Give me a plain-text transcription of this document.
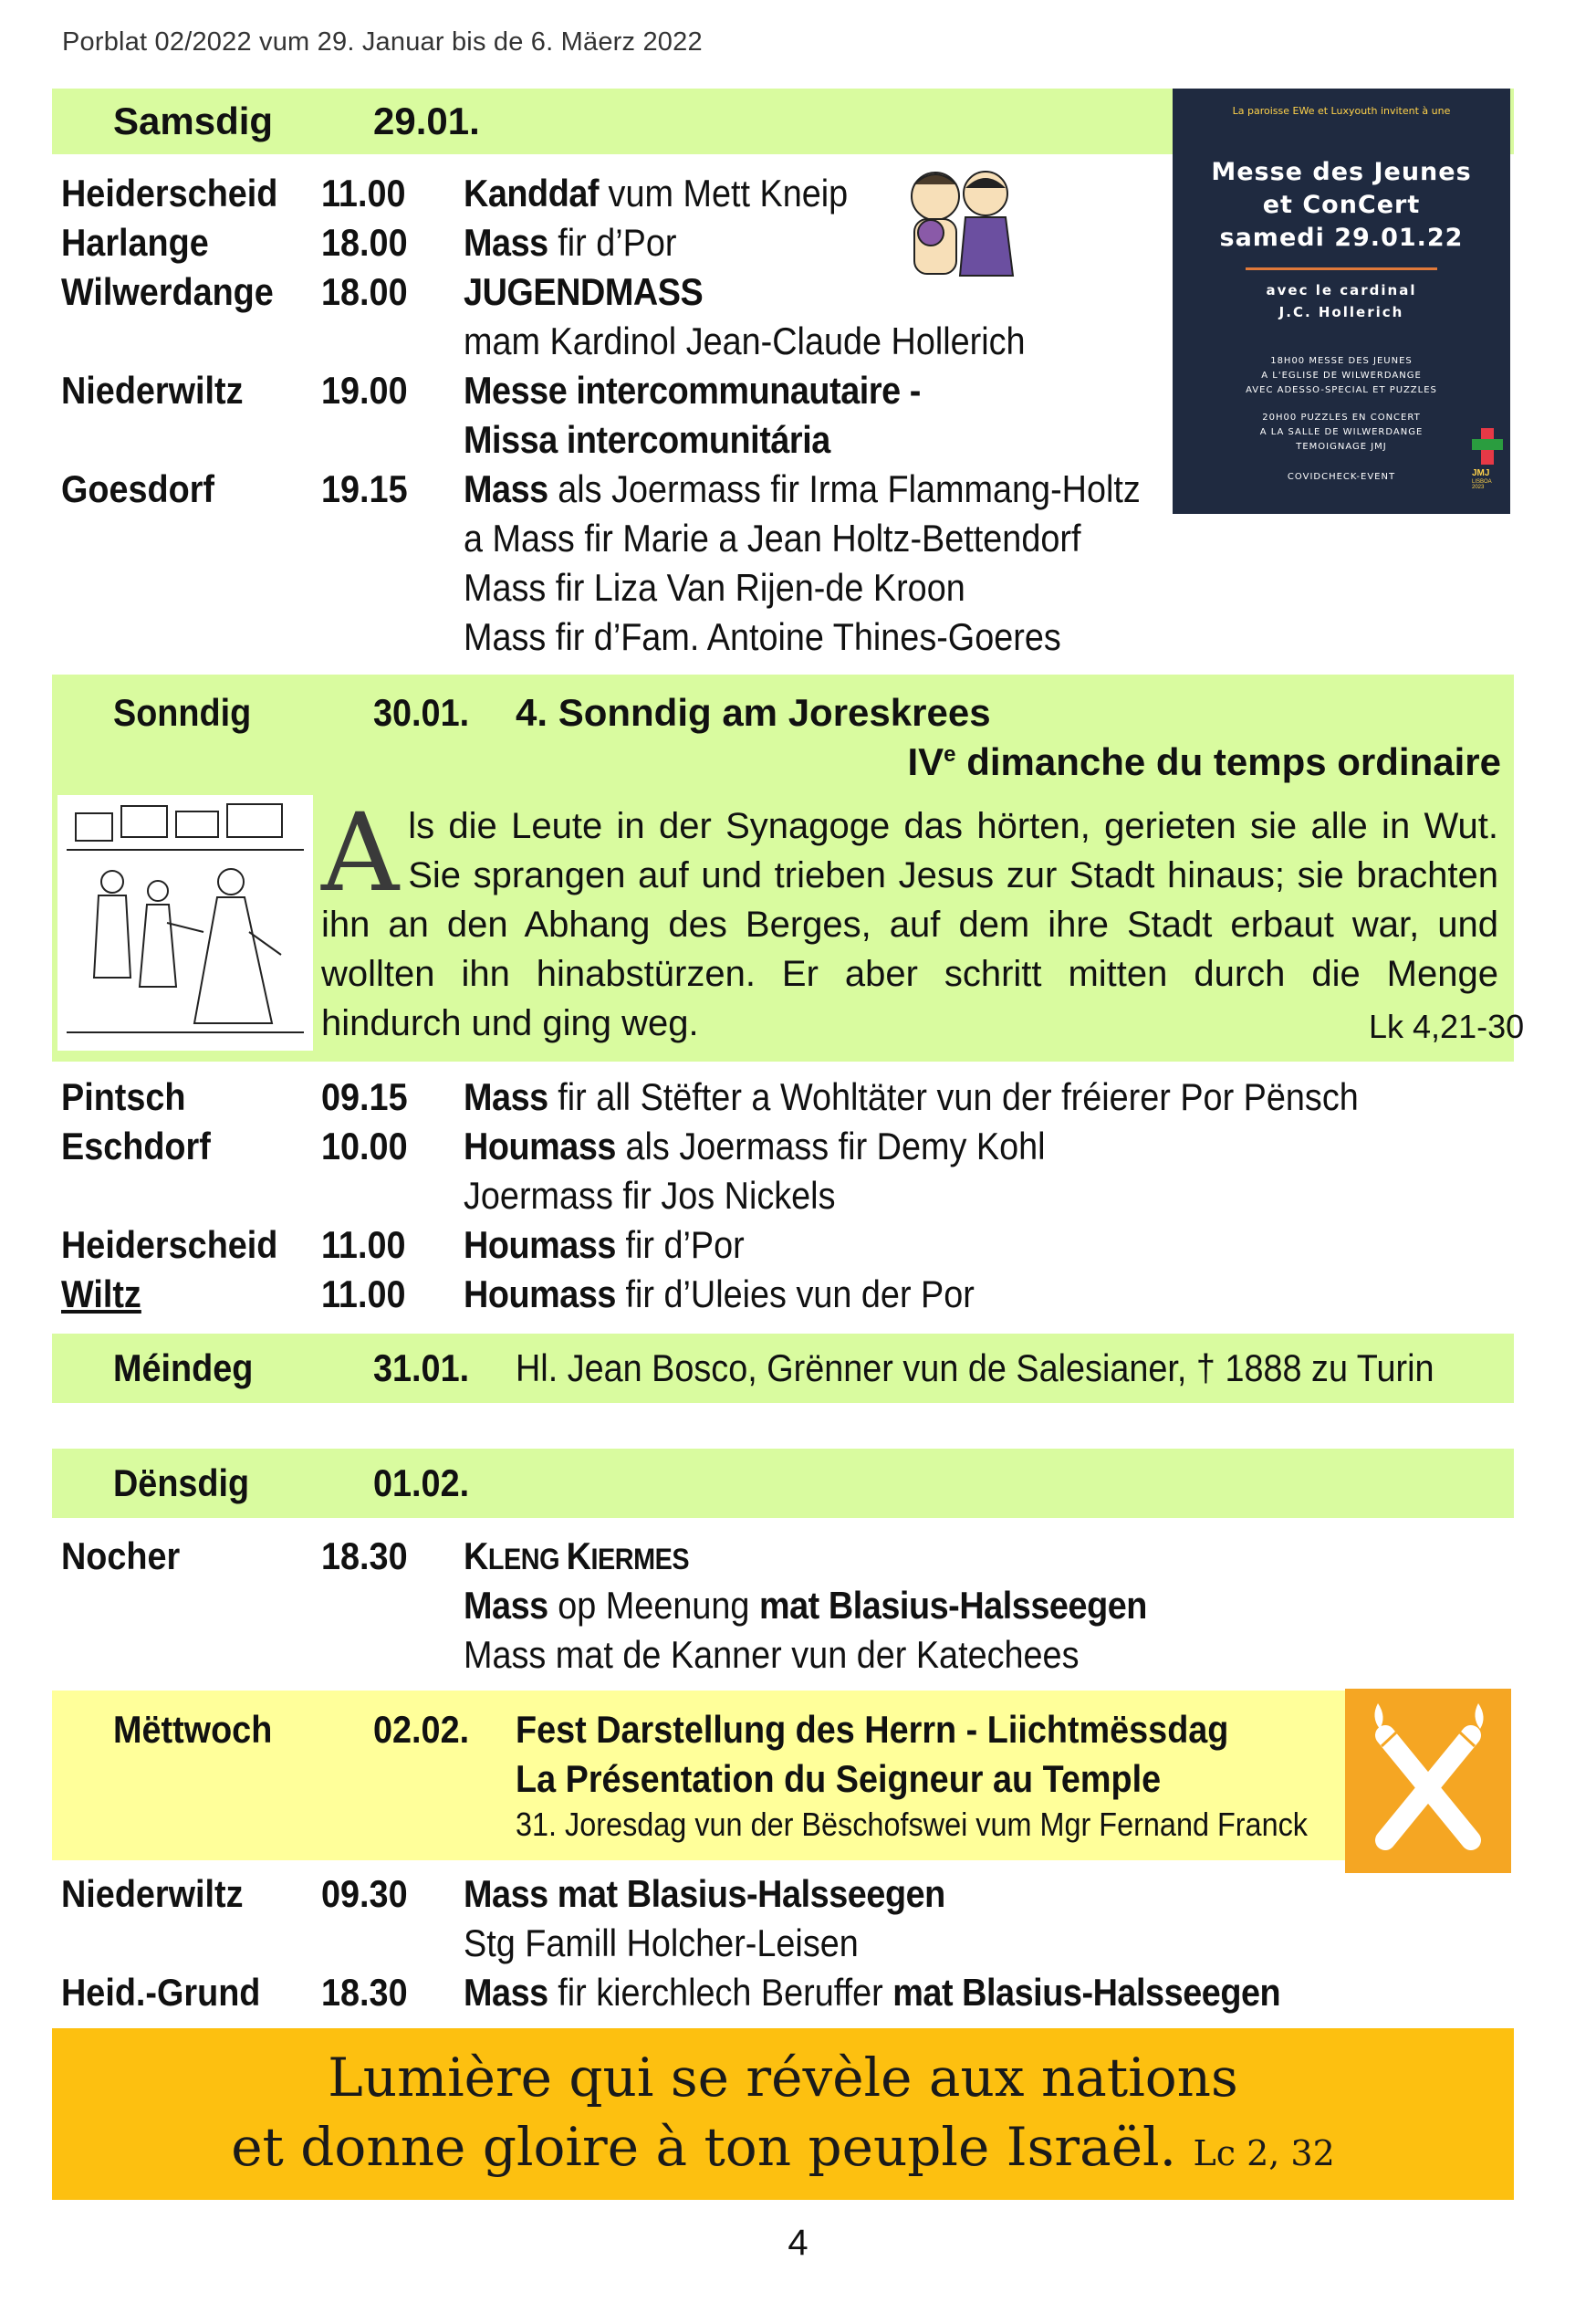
Porblat 02/2022 vum 29. Januar bis de 6. Mäerz 2022
Samsdig	29.01.	La paroisse EWe et Luxyouth invitent à une
Messe des Jeunes
et ConCert
samedi 29.01.22
avec le cardinal
J.C. Hollerich
18H00 MESSE DES JEUNES
A L'EGLISE DE WILWERDANGE
AVEC ADESSO-SPECIAL ET PUZZLES
20H00 PUZZLES EN CONCERT
A LA SALLE DE WILWERDANGE
TEMOIGNAGE JMJ
COVIDCHECK-EVENT	JMJ
LISBOA 2023
Heiderscheid 11.00 Kanddaf vum Mett Kneip
Harlange	18.00 Mass fir d’Por
Wilwerdange 18.00 JUGENDMASS
mam Kardinol Jean-Claude Hollerich
Niederwiltz 19.00 Messe intercommunautaire -
Missa intercomunitária
Goesdorf	19.15 Mass als Joermass fir Irma Flammang-Holtz
a Mass fir Marie a Jean Holtz-Bettendorf
Mass fir Liza Van Rijen-de Kroon
Mass fir d’Fam. Antoine Thines-Goeres
Sonndig	30.01. 4. Sonndig am Joreskrees
IVe dimanche du temps ordinaire
Als die Leute in der Synagoge das hörten, gerieten sie alle in Wut. Sie sprangen auf und trieben Jesus zur Stadt hinaus; sie brachten ihn an den Abhang des Berges, auf dem ihre Stadt erbaut war, und wollten ihn hinabstürzen. Er aber schritt mitten durch die Menge hindurch und ging weg.	Lk 4,21-30
Pintsch	09.15 Mass fir all Stëfter a Wohltäter vun der fréierer Por Pënsch
Eschdorf	10.00 Houmass als Joermass fir Demy Kohl
Joermass fir Jos Nickels
Heiderscheid 11.00 Houmass fir d’Por
Wiltz	11.00 Houmass fir d’Uleies vun der Por
Méindeg	31.01. Hl. Jean Bosco, Grënner vun de Salesianer, † 1888 zu Turin
Dënsdig	01.02.
Nocher	18.30 KLENG KIERMES
Mass op Meenung mat Blasius-Halsseegen
Mass mat de Kanner vun der Katechees
Mëttwoch	02.02. Fest Darstellung des Herrn - Liichtmëssdag
La Présentation du Seigneur au Temple
31. Joresdag vun der Bëschofswei vum Mgr Fernand Franck
Niederwiltz 09.30 Mass mat Blasius-Halsseegen
Stg Famill Holcher-Leisen
Heid.-Grund 18.30 Mass fir kierchlech Beruffer mat Blasius-Halsseegen
Lumière qui se révèle aux nations
et donne gloire à ton peuple Israël. Lc 2, 32
4
